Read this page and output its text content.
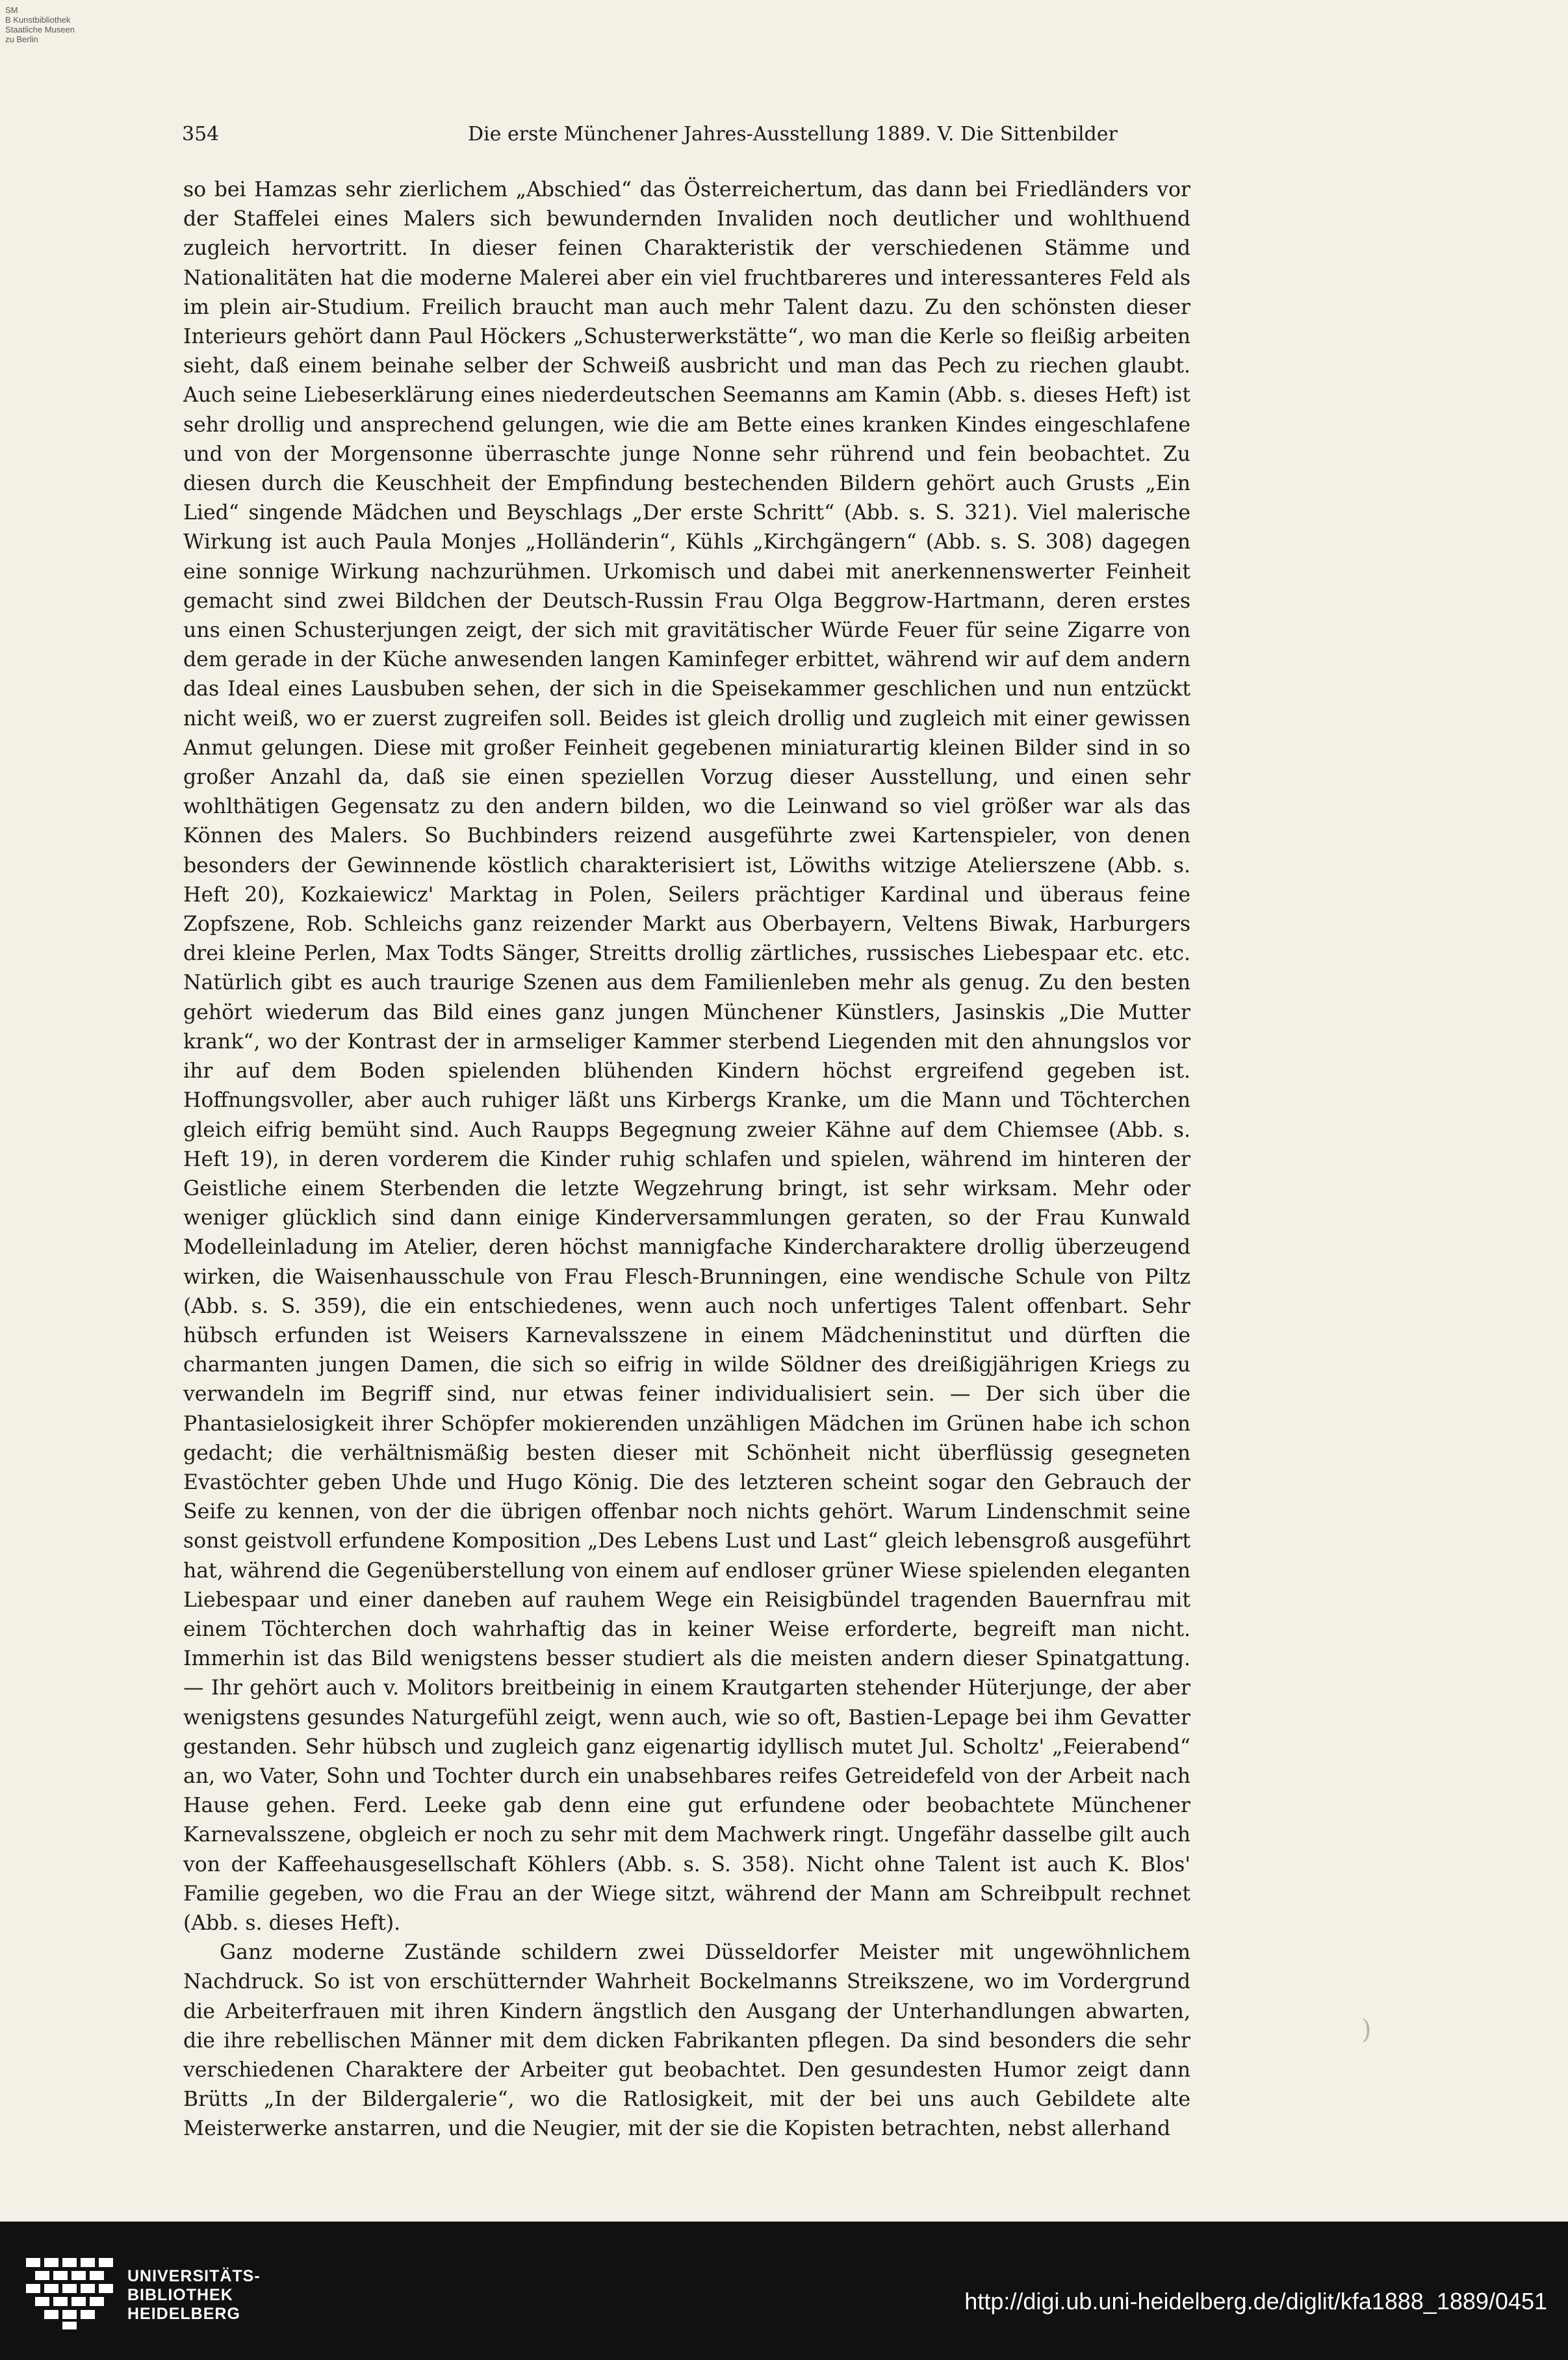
SM
B Kunstbibliothek
Staatliche Museen
zu Berlin
354	Die erste Münchener Jahres-Ausstellung 1889. V. Die Sittenbilder

so bei Hamzas sehr zierlichem „Abschied“ das Österreichertum, das dann bei Friedländers vor der Staffelei eines Malers sich bewundernden Invaliden noch deutlicher und wohlthuend zugleich hervortritt. In dieser feinen Charakteristik der verschiedenen Stämme und Nationalitäten hat die moderne Malerei aber ein viel fruchtbareres und interessanteres Feld als im plein air-Studium. Freilich braucht man auch mehr Talent dazu. Zu den schönsten dieser Interieurs gehört dann Paul Höckers „Schusterwerkstätte“, wo man die Kerle so fleißig arbeiten sieht, daß einem beinahe selber der Schweiß ausbricht und man das Pech zu riechen glaubt. Auch seine Liebeserklärung eines niederdeutschen Seemanns am Kamin (Abb. s. dieses Heft) ist sehr drollig und ansprechend gelungen, wie die am Bette eines kranken Kindes eingeschlafene und von der Morgensonne überraschte junge Nonne sehr rührend und fein beobachtet. Zu diesen durch die Keuschheit der Empfindung bestechenden Bildern gehört auch Grusts „Ein Lied“ singende Mädchen und Beyschlags „Der erste Schritt“ (Abb. s. S. 321). Viel malerische Wirkung ist auch Paula Monjes „Holländerin“, Kühls „Kirchgängern“ (Abb. s. S. 308) dagegen eine sonnige Wirkung nachzurühmen. Urkomisch und dabei mit anerkennenswerter Feinheit gemacht sind zwei Bildchen der Deutsch-Russin Frau Olga Beggrow-Hartmann, deren erstes uns einen Schusterjungen zeigt, der sich mit gravitätischer Würde Feuer für seine Zigarre von dem gerade in der Küche anwesenden langen Kaminfeger erbittet, während wir auf dem andern das Ideal eines Lausbuben sehen, der sich in die Speisekammer geschlichen und nun entzückt nicht weiß, wo er zuerst zugreifen soll. Beides ist gleich drollig und zugleich mit einer gewissen Anmut gelungen. Diese mit großer Feinheit gegebenen miniaturartig kleinen Bilder sind in so großer Anzahl da, daß sie einen speziellen Vorzug dieser Ausstellung, und einen sehr wohlthätigen Gegensatz zu den andern bilden, wo die Leinwand so viel größer war als das Können des Malers. So Buchbinders reizend ausgeführte zwei Kartenspieler, von denen besonders der Gewinnende köstlich charakterisiert ist, Löwiths witzige Atelierszene (Abb. s. Heft 20), Kozkaiewicz' Marktag in Polen, Seilers prächtiger Kardinal und überaus feine Zopfszene, Rob. Schleichs ganz reizender Markt aus Oberbayern, Veltens Biwak, Harburgers drei kleine Perlen, Max Todts Sänger, Streitts drollig zärtliches, russisches Liebespaar etc. etc. Natürlich gibt es auch traurige Szenen aus dem Familienleben mehr als genug. Zu den besten gehört wiederum das Bild eines ganz jungen Münchener Künstlers, Jasinskis „Die Mutter krank“, wo der Kontrast der in armseliger Kammer sterbend Liegenden mit den ahnungslos vor ihr auf dem Boden spielenden blühenden Kindern höchst ergreifend gegeben ist. Hoffnungsvoller, aber auch ruhiger läßt uns Kirbergs Kranke, um die Mann und Töchterchen gleich eifrig bemüht sind. Auch Raupps Begegnung zweier Kähne auf dem Chiemsee (Abb. s. Heft 19), in deren vorderem die Kinder ruhig schlafen und spielen, während im hinteren der Geistliche einem Sterbenden die letzte Wegzehrung bringt, ist sehr wirksam. Mehr oder weniger glücklich sind dann einige Kinderversammlungen geraten, so der Frau Kunwald Modelleinladung im Atelier, deren höchst mannigfache Kindercharaktere drollig überzeugend wirken, die Waisenhausschule von Frau Flesch-Brunningen, eine wendische Schule von Piltz (Abb. s. S. 359), die ein entschiedenes, wenn auch noch unfertiges Talent offenbart. Sehr hübsch erfunden ist Weisers Karnevalsszene in einem Mädcheninstitut und dürften die charmanten jungen Damen, die sich so eifrig in wilde Söldner des dreißigjährigen Kriegs zu verwandeln im Begriff sind, nur etwas feiner individualisiert sein. — Der sich über die Phantasielosigkeit ihrer Schöpfer mokierenden unzähligen Mädchen im Grünen habe ich schon gedacht; die verhältnismäßig besten dieser mit Schönheit nicht überflüssig gesegneten Evastöchter geben Uhde und Hugo König. Die des letzteren scheint sogar den Gebrauch der Seife zu kennen, von der die übrigen offenbar noch nichts gehört. Warum Lindenschmit seine sonst geistvoll erfundene Komposition „Des Lebens Lust und Last“ gleich lebensgroß ausgeführt hat, während die Gegenüberstellung von einem auf endloser grüner Wiese spielenden eleganten Liebespaar und einer daneben auf rauhem Wege ein Reisigbündel tragenden Bauernfrau mit einem Töchterchen doch wahrhaftig das in keiner Weise erforderte, begreift man nicht. Immerhin ist das Bild wenigstens besser studiert als die meisten andern dieser Spinatgattung. — Ihr gehört auch v. Molitors breitbeinig in einem Krautgarten stehender Hüterjunge, der aber wenigstens gesundes Naturgefühl zeigt, wenn auch, wie so oft, Bastien-Lepage bei ihm Gevatter gestanden. Sehr hübsch und zugleich ganz eigenartig idyllisch mutet Jul. Scholtz' „Feierabend“ an, wo Vater, Sohn und Tochter durch ein unabsehbares reifes Getreidefeld von der Arbeit nach Hause gehen. Ferd. Leeke gab denn eine gut erfundene oder beobachtete Münchener Karnevalsszene, obgleich er noch zu sehr mit dem Machwerk ringt. Ungefähr dasselbe gilt auch von der Kaffeehausgesellschaft Köhlers (Abb. s. S. 358). Nicht ohne Talent ist auch K. Blos' Familie gegeben, wo die Frau an der Wiege sitzt, während der Mann am Schreibpult rechnet (Abb. s. dieses Heft).

Ganz moderne Zustände schildern zwei Düsseldorfer Meister mit ungewöhnlichem Nachdruck. So ist von erschütternder Wahrheit Bockelmanns Streikszene, wo im Vordergrund die Arbeiterfrauen mit ihren Kindern ängstlich den Ausgang der Unterhandlungen abwarten, die ihre rebellischen Männer mit dem dicken Fabrikanten pflegen. Da sind besonders die sehr verschiedenen Charaktere der Arbeiter gut beobachtet. Den gesundesten Humor zeigt dann Brütts „In der Bildergalerie“, wo die Ratlosigkeit, mit der bei uns auch Gebildete alte Meisterwerke anstarren, und die Neugier, mit der sie die Kopisten betrachten, nebst allerhand

)
UNIVERSITÄTS-
BIBLIOTHEK
HEIDELBERG	http://digi.ub.uni-heidelberg.de/diglit/kfa1888_1889/0451
